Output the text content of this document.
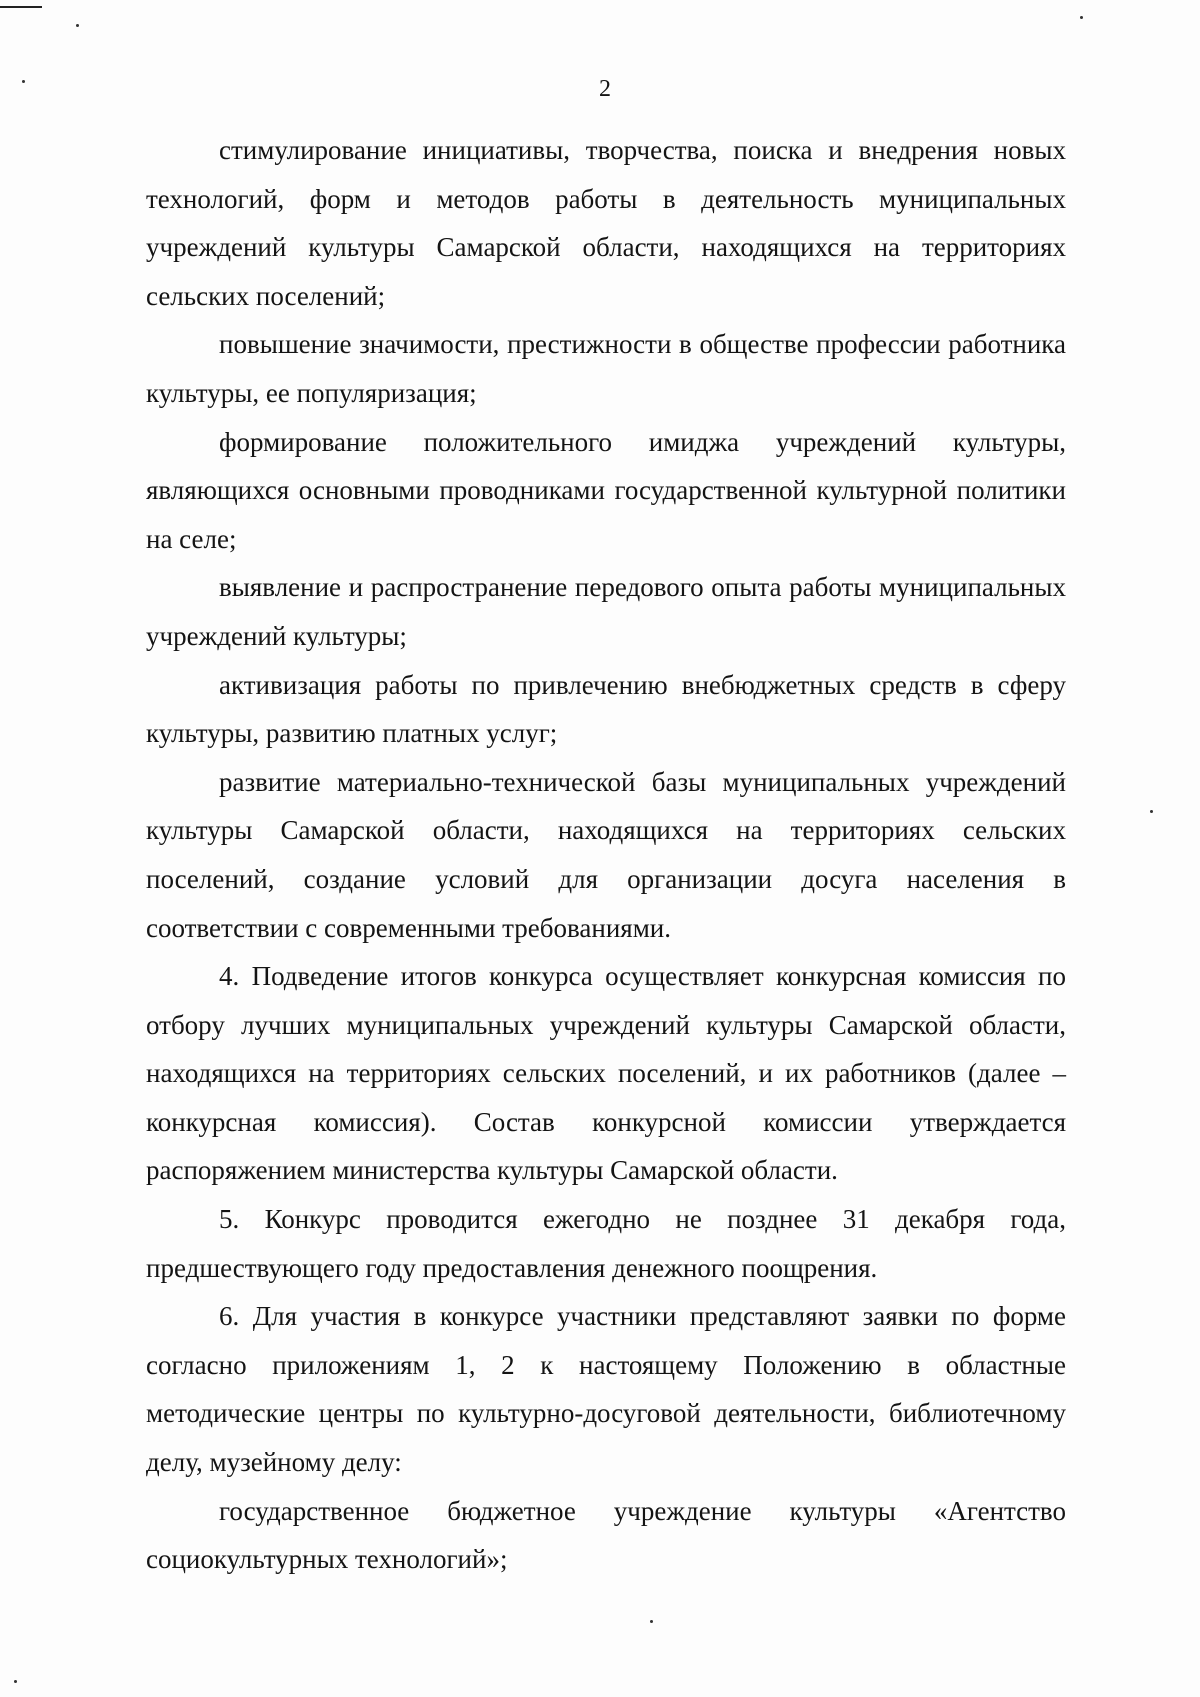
2

стимулирование инициативы, творчества, поиска и внедрения новых технологий, форм и методов работы в деятельность муниципальных учреждений культуры Самарской области, находящихся на территориях сельских поселений;

повышение значимости, престижности в обществе профессии работника культуры, ее популяризация;

формирование положительного имиджа учреждений культуры, являющихся основными проводниками государственной культурной политики на селе;

выявление и распространение передового опыта работы муниципальных учреждений культуры;

активизация работы по привлечению внебюджетных средств в сферу культуры, развитию платных услуг;

развитие материально-технической базы муниципальных учреждений культуры Самарской области, находящихся на территориях сельских поселений, создание условий для организации досуга населения в соответствии с современными требованиями.

4. Подведение итогов конкурса осуществляет конкурсная комиссия по отбору лучших муниципальных учреждений культуры Самарской области, находящихся на территориях сельских поселений, и их работников (далее – конкурсная комиссия). Состав конкурсной комиссии утверждается распоряжением министерства культуры Самарской области.

5. Конкурс проводится ежегодно не позднее 31 декабря года, предшествующего году предоставления денежного поощрения.

6. Для участия в конкурсе участники представляют заявки по форме согласно приложениям 1, 2 к настоящему Положению в областные методические центры по культурно-досуговой деятельности, библиотечному делу, музейному делу:

государственное бюджетное учреждение культуры «Агентство социокультурных технологий»;
